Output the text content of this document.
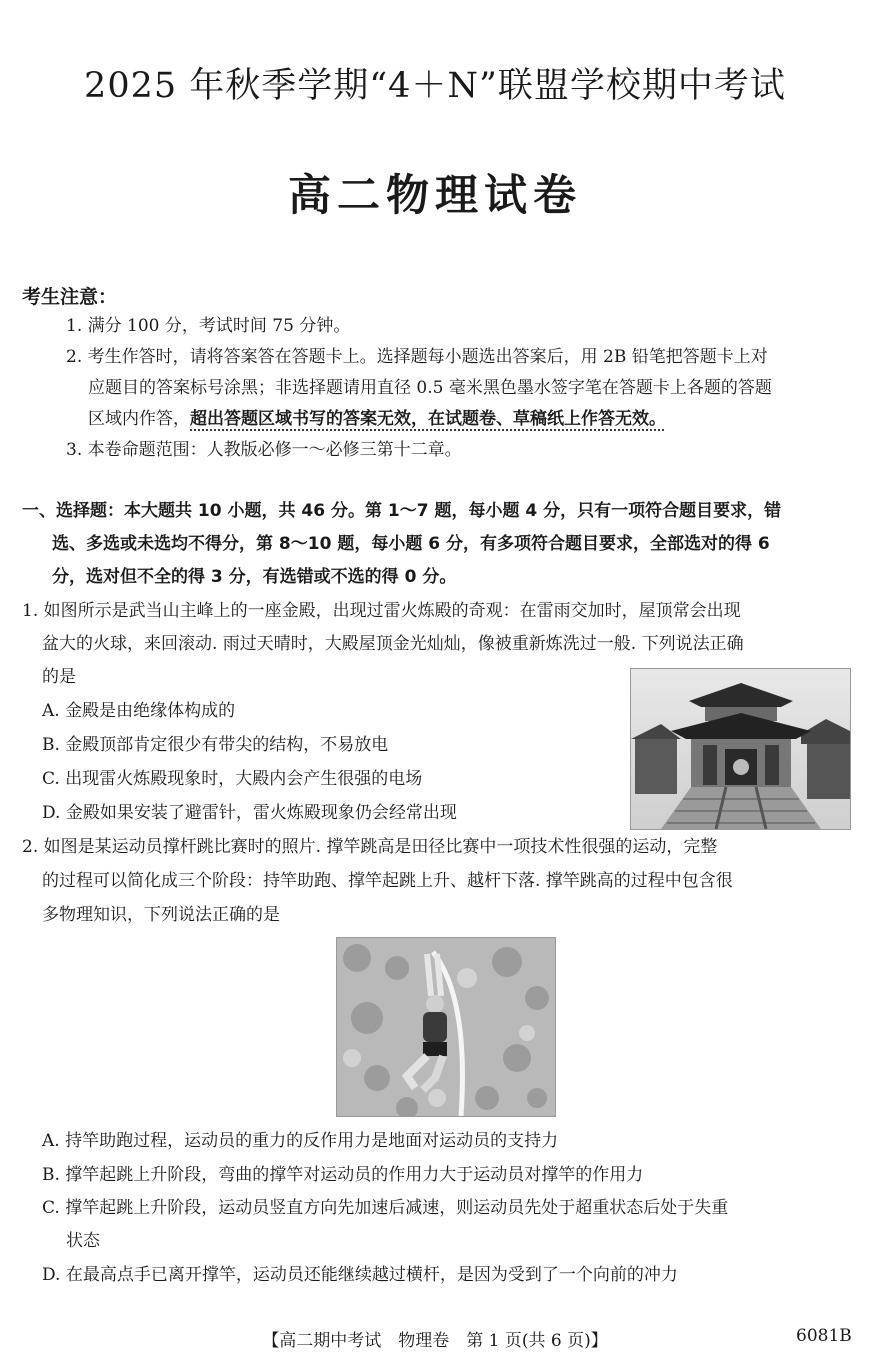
2025 年秋季学期“4＋N”联盟学校期中考试
高二物理试卷
考生注意：
1. 满分 100 分，考试时间 75 分钟。
2. 考生作答时，请将答案答在答题卡上。选择题每小题选出答案后，用 2B 铅笔把答题卡上对
应题目的答案标号涂黑；非选择题请用直径 0.5 毫米黑色墨水签字笔在答题卡上各题的答题
区域内作答，超出答题区域书写的答案无效，在试题卷、草稿纸上作答无效。
3. 本卷命题范围：人教版必修一～必修三第十二章。
一、选择题：本大题共 10 小题，共 46 分。第 1～7 题，每小题 4 分，只有一项符合题目要求，错
选、多选或未选均不得分，第 8～10 题，每小题 6 分，有多项符合题目要求，全部选对的得 6
分，选对但不全的得 3 分，有选错或不选的得 0 分。
1. 如图所示是武当山主峰上的一座金殿，出现过雷火炼殿的奇观：在雷雨交加时，屋顶常会出现
盆大的火球，来回滚动. 雨过天晴时，大殿屋顶金光灿灿，像被重新炼洗过一般. 下列说法正确
的是
A. 金殿是由绝缘体构成的
B. 金殿顶部肯定很少有带尖的结构，不易放电
C. 出现雷火炼殿现象时，大殿内会产生很强的电场
D. 金殿如果安装了避雷针，雷火炼殿现象仍会经常出现
2. 如图是某运动员撑杆跳比赛时的照片. 撑竿跳高是田径比赛中一项技术性很强的运动，完整
的过程可以简化成三个阶段：持竿助跑、撑竿起跳上升、越杆下落. 撑竿跳高的过程中包含很
多物理知识，下列说法正确的是
A. 持竿助跑过程，运动员的重力的反作用力是地面对运动员的支持力
B. 撑竿起跳上升阶段，弯曲的撑竿对运动员的作用力大于运动员对撑竿的作用力
C. 撑竿起跳上升阶段，运动员竖直方向先加速后减速，则运动员先处于超重状态后处于失重
状态
D. 在最高点手已离开撑竿，运动员还能继续越过横杆，是因为受到了一个向前的冲力
【高二期中考试　物理卷　第 1 页(共 6 页)】	6081B
